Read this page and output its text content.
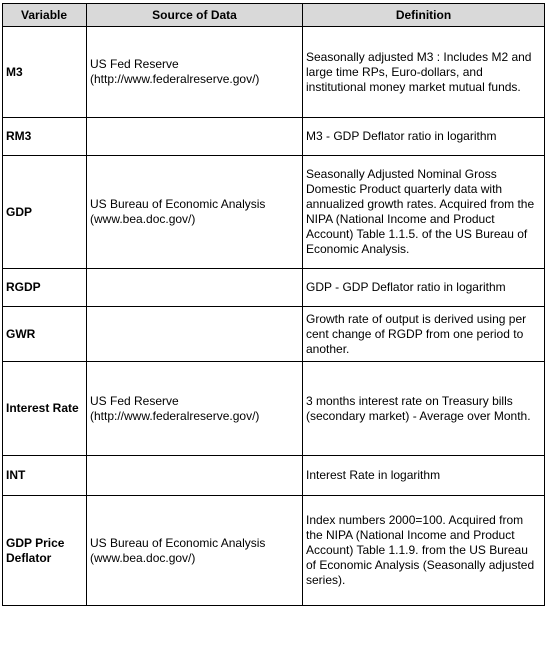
Variable	Source of Data	Definition
M3	US Fed Reserve (http://www.federalreserve.gov/)	Seasonally adjusted M3 : Includes M2 and large time RPs, Euro-dollars, and institutional money market mutual funds.
RM3		M3 - GDP Deflator ratio in logarithm
GDP	US Bureau of Economic Analysis (www.bea.doc.gov/)	Seasonally Adjusted Nominal Gross Domestic Product quarterly data with annualized growth rates. Acquired from the NIPA (National Income and Product Account) Table 1.1.5. of the US Bureau of Economic Analysis.
RGDP		GDP - GDP Deflator ratio in logarithm
GWR		Growth rate of output is derived using per cent change of RGDP from one period to another.
Interest Rate	US Fed Reserve (http://www.federalreserve.gov/)	3 months interest rate on Treasury bills (secondary market) - Average over Month.
INT		Interest Rate in logarithm
GDP Price Deflator	US Bureau of Economic Analysis (www.bea.doc.gov/)	Index numbers 2000=100. Acquired from the NIPA (National Income and Product Account) Table 1.1.9. from the US Bureau of Economic Analysis (Seasonally adjusted series).
